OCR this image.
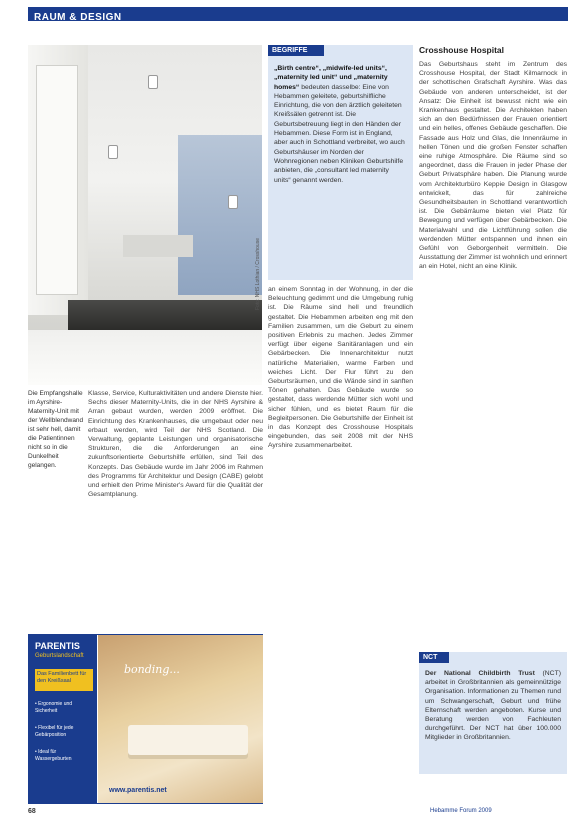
RAUM & DESIGN
Foto: NHS Lothian / Crosshouse
Die Empfangshalle im Ayrshire-Maternity-Unit mit der Wellblendwand ist sehr hell, damit die Patientinnen nicht so in die Dunkelheit gelangen.
Klasse, Service, Kulturaktivitäten und andere Dienste hier. Sechs dieser Maternity-Units, die in der NHS Ayrshire & Arran gebaut wurden, werden 2009 eröffnet. Die Einrichtung des Krankenhauses, die umgebaut oder neu erbaut werden, wird Teil der NHS Scotland. Die Verwaltung, geplante Leistungen und organisatorische Strukturen, die die Anforderungen an eine zukunftsorientierte Geburtshilfe erfüllen, sind Teil des Konzepts. Das Gebäude wurde im Jahr 2006 im Rahmen des Programms für Architektur und Design (CABE) gelobt und erhielt den Prime Minister's Award für die Qualität der Gesamtplanung.
BEGRIFFE
„Birth centre“, „midwife-led units“, „maternity led unit“ und „maternity homes“ bedeuten dasselbe: Eine von Hebammen geleitete, geburtshilfliche Einrichtung, die von den ärztlich geleiteten Kreißsälen getrennt ist. Die Geburtsbetreuung liegt in den Händen der Hebammen. Diese Form ist in England, aber auch in Schottland verbreitet, wo auch Geburtshäuser im Norden der Wohnregionen neben Kliniken Geburtshilfe anbieten, die „consultant led maternity units“ genannt werden.
an einem Sonntag in der Wohnung, in der die Beleuchtung gedimmt und die Umgebung ruhig ist. Die Räume sind hell und freundlich gestaltet. Die Hebammen arbeiten eng mit den Familien zusammen, um die Geburt zu einem positiven Erlebnis zu machen. Jedes Zimmer verfügt über eigene Sanitäranlagen und ein Gebärbecken. Die Innenarchitektur nutzt natürliche Materialien, warme Farben und weiches Licht. Der Flur führt zu den Geburtsräumen, und die Wände sind in sanften Tönen gehalten. Das Gebäude wurde so gestaltet, dass werdende Mütter sich wohl und sicher fühlen, und es bietet Raum für die Begleitpersonen. Die Geburtshilfe der Einheit ist in das Konzept des Crosshouse Hospitals eingebunden, das seit 2008 mit der NHS Ayrshire zusammenarbeitet.
Crosshouse Hospital
Das Geburtshaus steht im Zentrum des Crosshouse Hospital, der Stadt Kilmarnock in der schottischen Grafschaft Ayrshire. Was das Gebäude von anderen unterscheidet, ist der Ansatz: Die Einheit ist bewusst nicht wie ein Krankenhaus gestaltet. Die Architekten haben sich an den Bedürfnissen der Frauen orientiert und ein helles, offenes Gebäude geschaffen. Die Fassade aus Holz und Glas, die Innenräume in hellen Tönen und die großen Fenster schaffen eine ruhige Atmosphäre. Die Räume sind so angeordnet, dass die Frauen in jeder Phase der Geburt Privatsphäre haben. Die Planung wurde vom Architekturbüro Keppie Design in Glasgow entwickelt, das für zahlreiche Gesundheitsbauten in Schottland verantwortlich ist. Die Gebärräume bieten viel Platz für Bewegung und verfügen über Gebärbecken. Die Materialwahl und die Lichtführung sollen die werdenden Mütter entspannen und ihnen ein Gefühl von Geborgenheit vermitteln. Die Ausstattung der Zimmer ist wohnlich und erinnert an ein Hotel, nicht an eine Klinik.
NCT
Der National Childbirth Trust (NCT) arbeitet in Großbritannien als gemeinnützige Organisation. Informationen zu Themen rund um Schwangerschaft, Geburt und frühe Elternschaft werden angeboten. Kurse und Beratung werden von Fachleuten durchgeführt. Der NCT hat über 100.000 Mitglieder in Großbritannien.
PARENTIS
Geburtslandschaft
Das Familienbett für den Kreißsaal
• Ergonomie und Sicherheit
• Flexibel für jede Gebärposition
• Ideal für Wassergeburten
bonding...
www.parentis.net
68	Hebamme Forum 2009
